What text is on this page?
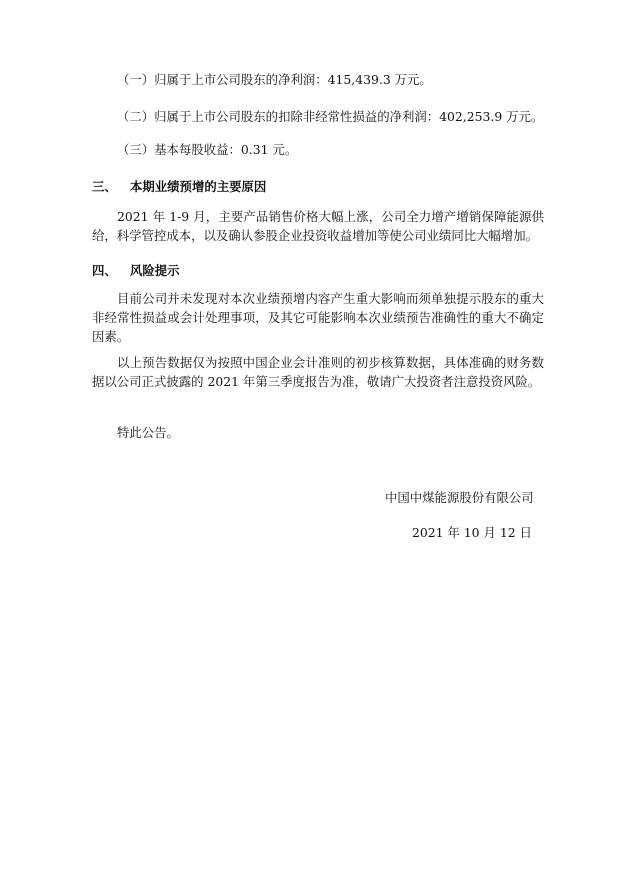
（一）归属于上市公司股东的净利润：415,439.3 万元。

（二）归属于上市公司股东的扣除非经常性损益的净利润：402,253.9 万元。

（三）基本每股收益：0.31 元。

三、 本期业绩预增的主要原因

2021 年 1-9 月，主要产品销售价格大幅上涨，公司全力增产增销保障能源供给，科学管控成本，以及确认参股企业投资收益增加等使公司业绩同比大幅增加。

四、 风险提示

目前公司并未发现对本次业绩预增内容产生重大影响而须单独提示股东的重大非经常性损益或会计处理事项，及其它可能影响本次业绩预告准确性的重大不确定因素。

以上预告数据仅为按照中国企业会计准则的初步核算数据，具体准确的财务数据以公司正式披露的 2021 年第三季度报告为准，敬请广大投资者注意投资风险。

特此公告。

中国中煤能源股份有限公司

2021 年 10 月 12 日
